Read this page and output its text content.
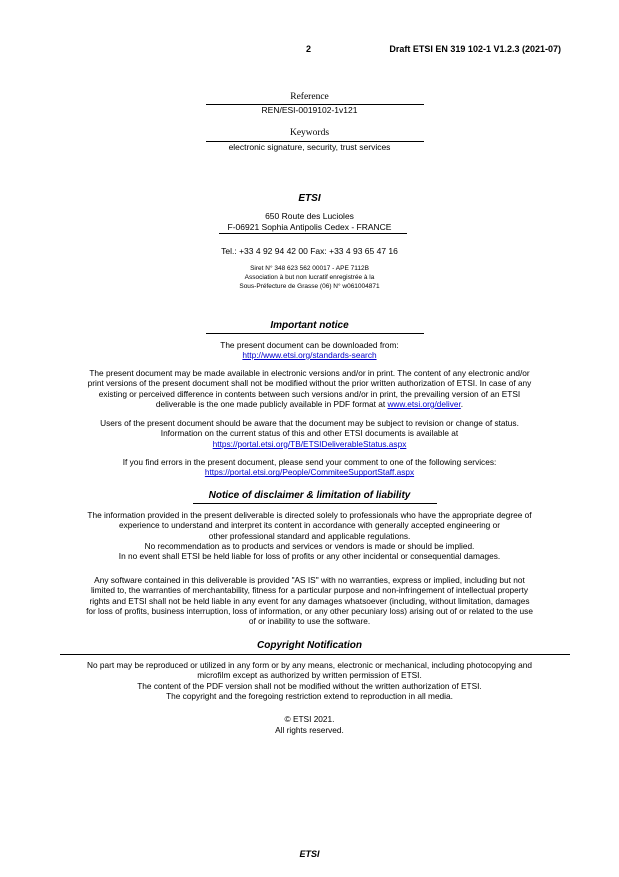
2	Draft ETSI EN 319 102-1 V1.2.3 (2021-07)
Reference
REN/ESI-0019102-1v121
Keywords
electronic signature, security, trust services
ETSI
650 Route des Lucioles
F-06921 Sophia Antipolis Cedex - FRANCE
Tel.: +33 4 92 94 42 00 Fax: +33 4 93 65 47 16
Siret N° 348 623 562 00017 - APE 7112B
Association à but non lucratif enregistrée à la
Sous-Préfecture de Grasse (06) N° w061004871
Important notice
The present document can be downloaded from:
http://www.etsi.org/standards-search
The present document may be made available in electronic versions and/or in print. The content of any electronic and/or
print versions of the present document shall not be modified without the prior written authorization of ETSI. In case of any
existing or perceived difference in contents between such versions and/or in print, the prevailing version of an ETSI
deliverable is the one made publicly available in PDF format at www.etsi.org/deliver.
Users of the present document should be aware that the document may be subject to revision or change of status.
Information on the current status of this and other ETSI documents is available at
https://portal.etsi.org/TB/ETSIDeliverableStatus.aspx
If you find errors in the present document, please send your comment to one of the following services:
https://portal.etsi.org/People/CommiteeSupportStaff.aspx
Notice of disclaimer & limitation of liability
The information provided in the present deliverable is directed solely to professionals who have the appropriate degree of
experience to understand and interpret its content in accordance with generally accepted engineering or
other professional standard and applicable regulations.
No recommendation as to products and services or vendors is made or should be implied.
In no event shall ETSI be held liable for loss of profits or any other incidental or consequential damages.
Any software contained in this deliverable is provided "AS IS" with no warranties, express or implied, including but not
limited to, the warranties of merchantability, fitness for a particular purpose and non-infringement of intellectual property
rights and ETSI shall not be held liable in any event for any damages whatsoever (including, without limitation, damages
for loss of profits, business interruption, loss of information, or any other pecuniary loss) arising out of or related to the use
of or inability to use the software.
Copyright Notification
No part may be reproduced or utilized in any form or by any means, electronic or mechanical, including photocopying and
microfilm except as authorized by written permission of ETSI.
The content of the PDF version shall not be modified without the written authorization of ETSI.
The copyright and the foregoing restriction extend to reproduction in all media.
© ETSI 2021.
All rights reserved.
ETSI
